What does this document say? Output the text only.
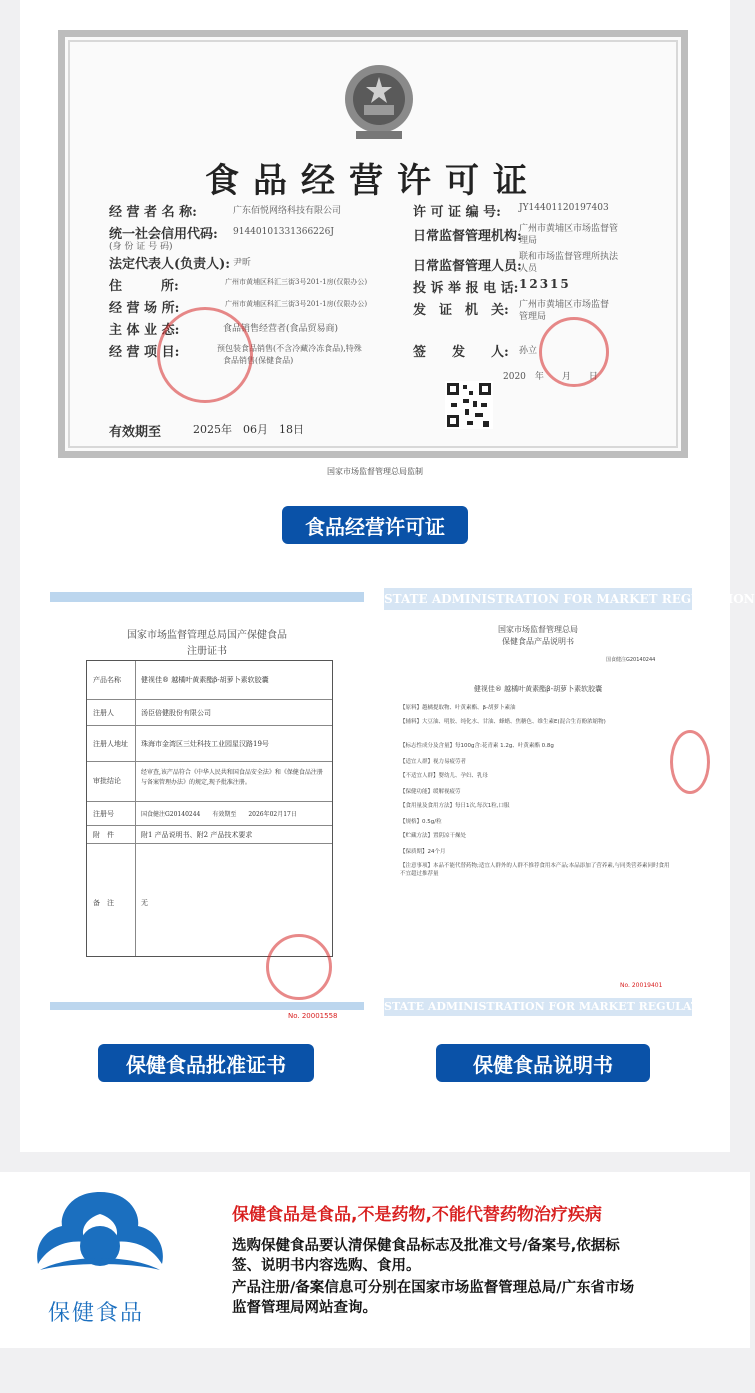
食品经营许可证
经 营 者 名 称:	广东佰悦网络科技有限公司
统一社会信用代码:
(身 份 证 号 码)
91440101331366226J
法定代表人(负责人): 尹昕
住　　　所:	广州市黄埔区科汇三街3号201-1房(仅限办公)
经 营 场 所:	广州市黄埔区科汇三街3号201-1房(仅限办公)
主 体 业 态:	食品销售经营者(食品贸易商)
经 营 项 目:	预包装食品销售(不含冷藏冷冻食品),特殊
食品销售(保健食品)
许 可 证 编 号: JY14401120197403
日常监督管理机构:
广州市黄埔区市场监督管
理局
日常监督管理人员:
联和市场监督管理所执法
人员
投 诉 举 报 电 话: 12315
发　证　机　关: 广州市黄埔区市场监督
管理局
签　　发　　人: 孙立
2020　年　　月　　日
有效期至	2025年　06月　18日
国家市场监督管理总局监制
食品经营许可证
国家市场监督管理总局国产保健食品
注册证书
产品名称	健视佳® 越橘叶黄素酯β-胡萝卜素软胶囊
注册人	汤臣倍健股份有限公司
注册人地址 珠海市金湾区三灶科技工业园星汉路19号
审批结论
经审查,该产品符合《中华人民共和国食品安全法》和《保健食品注册与备案管理办法》的规定,现予批准注册。
注册号	国食健注G20140244　　有效期至　　2026年02月17日
附　件	附1 产品说明书、附2 产品技术要求
备　注	无
No. 20001558
保健食品批准证书
STATE ADMINISTRATION FOR MARKET REGULATION
国家市场监督管理总局
保健食品产品说明书
国食健注G20140244
健视佳® 越橘叶黄素酯β-胡萝卜素软胶囊
【原料】越橘提取物、叶黄素酯、β-胡萝卜素油
【辅料】大豆油、明胶、纯化水、甘油、蜂蜡、焦糖色、维生素E(混合生育酚浓缩物)
【标志性成分及含量】每100g含:花青素 1.2g、叶黄素酯 0.8g
【适宜人群】视力易疲劳者
【不适宜人群】婴幼儿、孕妇、乳母
【保健功能】缓解视疲劳
【食用量及食用方法】每日1次,每次1粒,口服
【规格】0.5g/粒
【贮藏方法】置阴凉干燥处
【保质期】24个月
【注意事项】本品不能代替药物;适宜人群外的人群不推荐食用本产品;本品添加了营养素,与同类营养素同时食用不宜超过推荐量
No. 20019401
STATE ADMINISTRATION FOR MARKET REGULATION
保健食品说明书
保健食品
保健食品是食品,不是药物,不能代替药物治疗疾病
选购保健食品要认清保健食品标志及批准文号/备案号,依据标
签、说明书内容选购、食用。
产品注册/备案信息可分别在国家市场监督管理总局/广东省市场
监督管理局网站查询。
